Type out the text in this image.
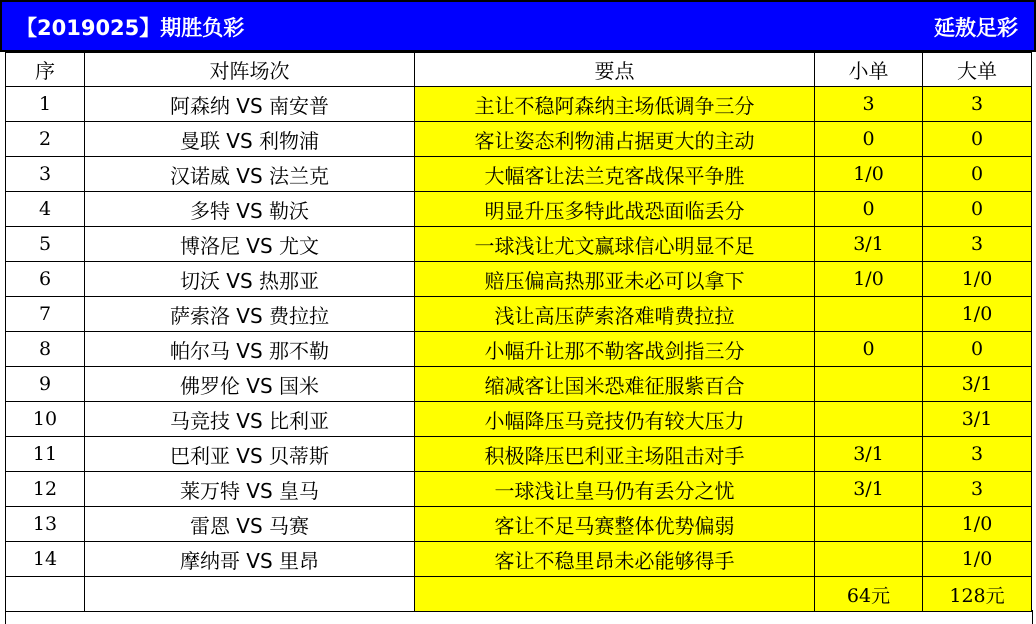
【2019025】期胜负彩	延敖足彩
序	对阵场次	要点	小单	大单
1	阿森纳 VS 南安普	主让不稳阿森纳主场低调争三分	3	3
2	曼联 VS 利物浦	客让姿态利物浦占据更大的主动	0	0
3	汉诺威 VS 法兰克	大幅客让法兰克客战保平争胜	1/0	0
4	多特 VS 勒沃	明显升压多特此战恐面临丢分	0	0
5	博洛尼 VS 尤文	一球浅让尤文赢球信心明显不足	3/1	3
6	切沃 VS 热那亚	赔压偏高热那亚未必可以拿下	1/0	1/0
7	萨索洛 VS 费拉拉	浅让高压萨索洛难啃费拉拉		1/0
8	帕尔马 VS 那不勒	小幅升让那不勒客战剑指三分	0	0
9	佛罗伦 VS 国米	缩减客让国米恐难征服紫百合		3/1
10	马竞技 VS 比利亚	小幅降压马竞技仍有较大压力		3/1
11	巴利亚 VS 贝蒂斯	积极降压巴利亚主场阻击对手	3/1	3
12	莱万特 VS 皇马	一球浅让皇马仍有丢分之忧	3/1	3
13	雷恩 VS 马赛	客让不足马赛整体优势偏弱		1/0
14	摩纳哥 VS 里昂	客让不稳里昂未必能够得手		1/0
			64元	128元
